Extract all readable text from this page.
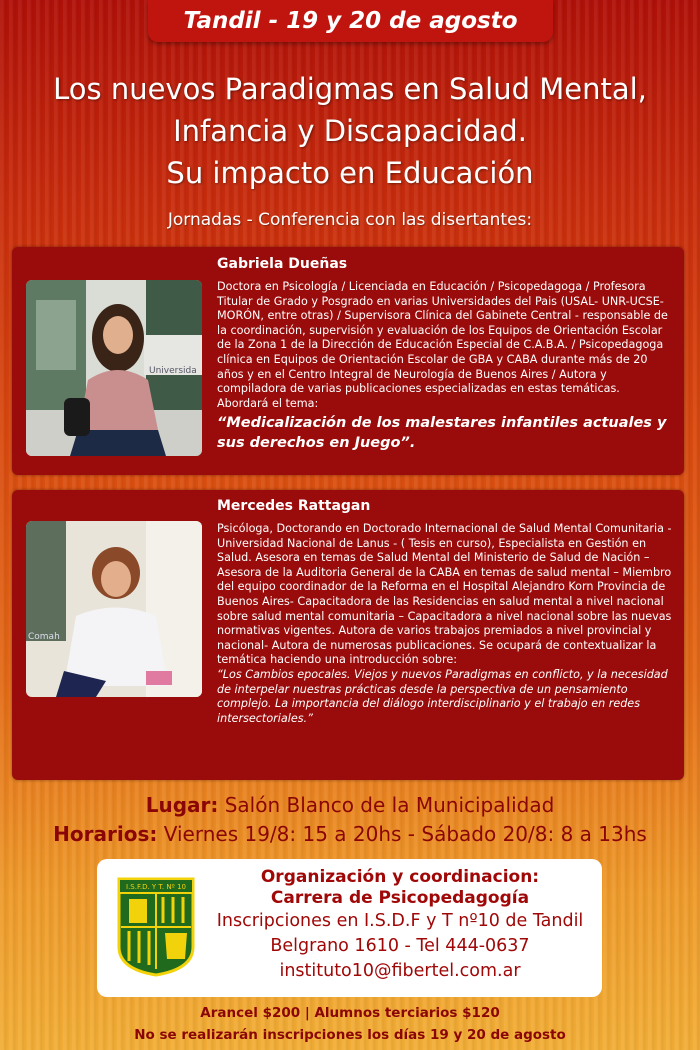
Tandil - 19 y 20 de agosto
Los nuevos Paradigmas en Salud Mental,
Infancia y Discapacidad.
Su impacto en Educación
Jornadas - Conferencia con las disertantes:
Universida
Gabriela Dueñas
Doctora en Psicología / Licenciada en Educación / Psicopedagoga / Profesora Titular de Grado y Posgrado en varias Universidades del Pais (USAL- UNR-UCSE- MORÓN, entre otras) / Supervisora Clínica del Gabinete Central - responsable de la coordinación, supervisión y evaluación de los Equipos de Orientación Escolar de la Zona 1 de la Dirección de Educación Especial de C.A.B.A. / Psicopedagoga clínica en Equipos de Orientación Escolar de GBA y CABA durante más de 20 años y en el Centro Integral de Neurología de Buenos Aires / Autora y compiladora de varias publicaciones especializadas en estas temáticas. Abordará el tema:
“Medicalización de los malestares infantiles actuales y sus derechos en Juego”.
Comah
Mercedes Rattagan
Psicóloga, Doctorando en Doctorado Internacional de Salud Mental Comunitaria - Universidad Nacional de Lanus - ( Tesis en curso), Especialista en Gestión en Salud. Asesora en temas de Salud Mental del Ministerio de Salud de Nación – Asesora de la Auditoria General de la CABA en temas de salud mental – Miembro del equipo coordinador de la Reforma en el Hospital Alejandro Korn Provincia de Buenos Aires- Capacitadora de las Residencias en salud mental a nivel nacional sobre salud mental comunitaria – Capacitadora a nivel nacional sobre las nuevas normativas vigentes. Autora de varios trabajos premiados a nivel provincial y nacional- Autora de numerosas publicaciones. Se ocupará de contextualizar la temática haciendo una introducción sobre:
“Los Cambios epocales. Viejos y nuevos Paradigmas en conflicto, y la necesidad de interpelar nuestras prácticas desde la perspectiva de un pensamiento complejo. La importancia del diálogo interdisciplinario y el trabajo en redes intersectoriales.”
Lugar: Salón Blanco de la Municipalidad
Horarios: Viernes 19/8: 15 a 20hs - Sábado 20/8: 8 a 13hs
I.S.F.D. Y T. Nº 10	Organización y coordinacion:
Carrera de Psicopedagogía
Inscripciones en I.S.D.F y T nº10 de Tandil
Belgrano 1610 - Tel 444-0637
instituto10@fibertel.com.ar
Arancel $200 | Alumnos terciarios $120
No se realizarán inscripciones los días 19 y 20 de agosto
